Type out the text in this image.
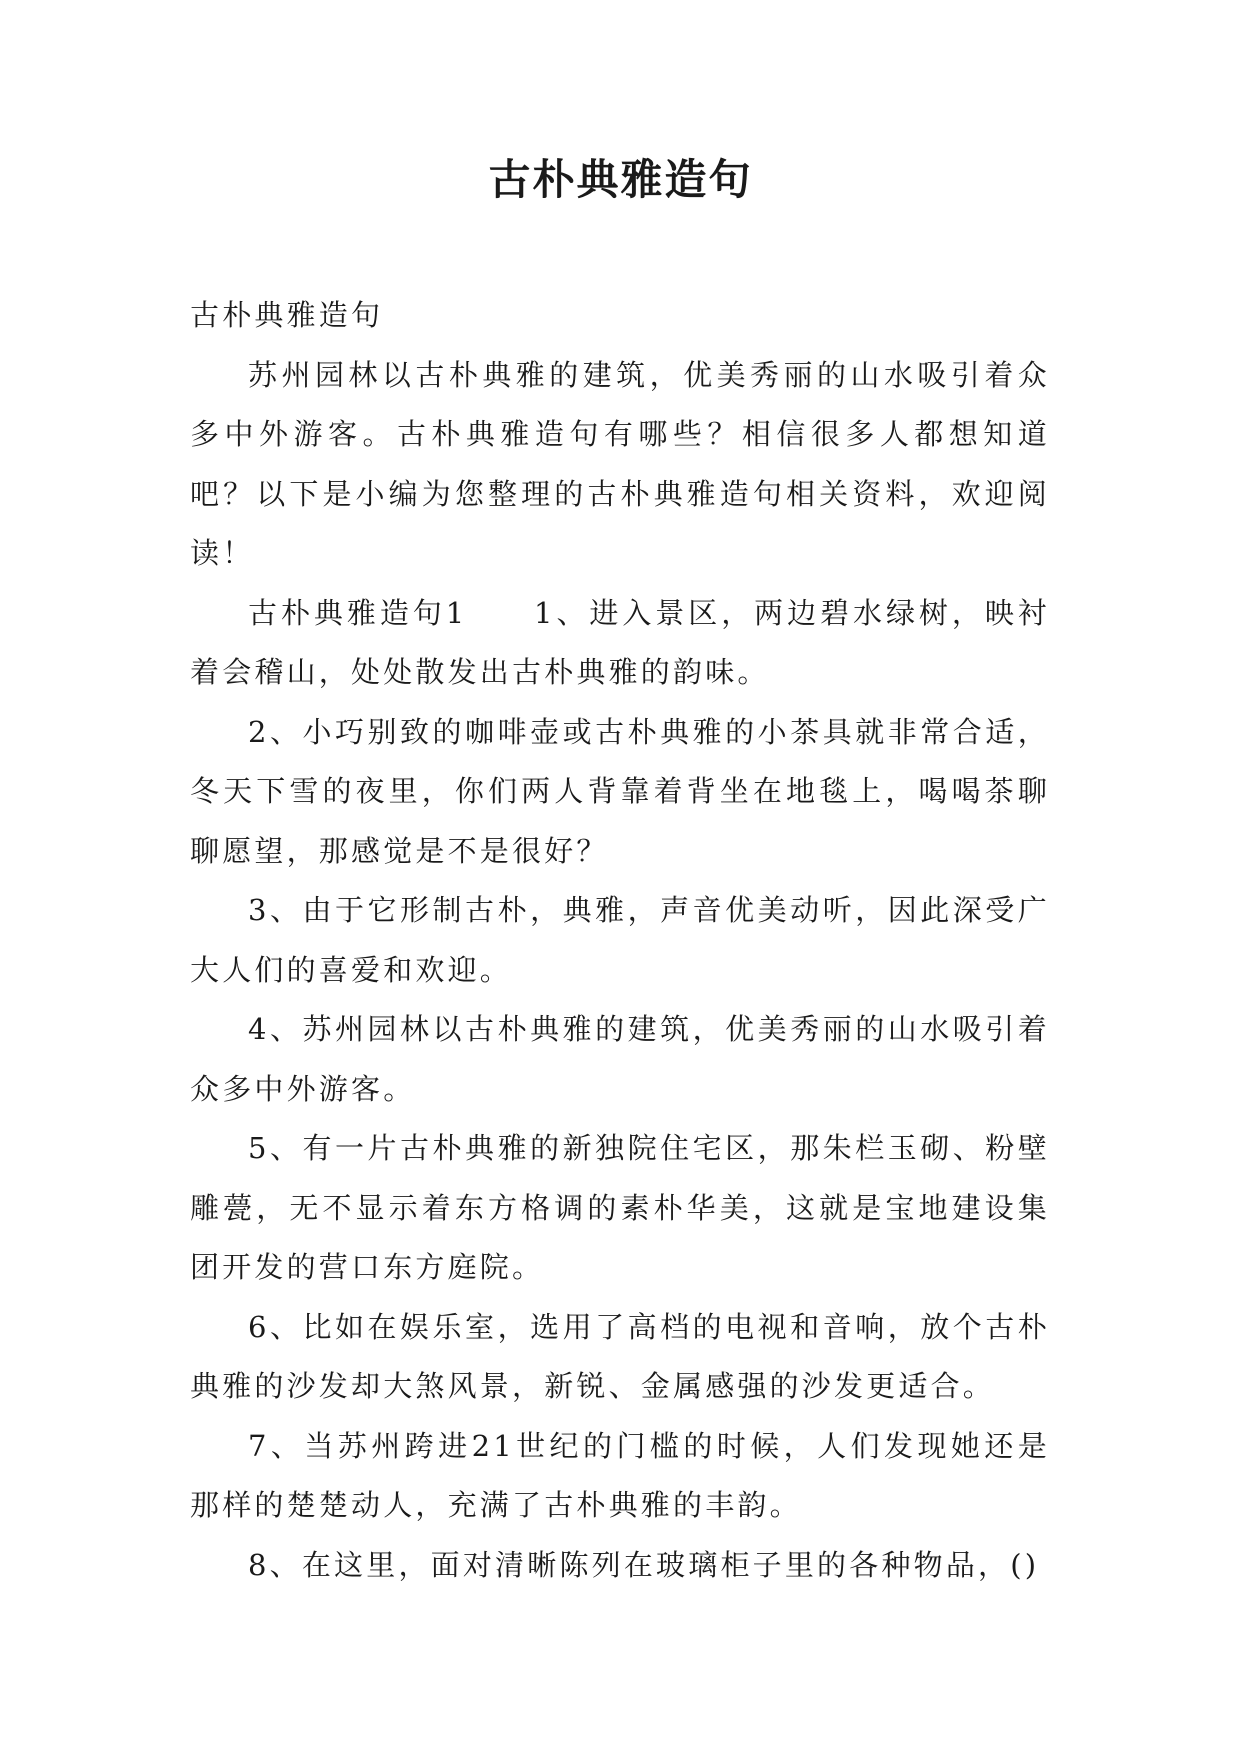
古朴典雅造句

古朴典雅造句

苏州园林以古朴典雅的建筑，优美秀丽的山水吸引着众多中外游客。古朴典雅造句有哪些？相信很多人都想知道吧？以下是小编为您整理的古朴典雅造句相关资料，欢迎阅读！

古朴典雅造句1　　1、进入景区，两边碧水绿树，映衬着会稽山，处处散发出古朴典雅的韵味。

2、小巧别致的咖啡壶或古朴典雅的小茶具就非常合适，冬天下雪的夜里，你们两人背靠着背坐在地毯上，喝喝茶聊聊愿望，那感觉是不是很好？

3、由于它形制古朴，典雅，声音优美动听，因此深受广大人们的喜爱和欢迎。

4、苏州园林以古朴典雅的建筑，优美秀丽的山水吸引着众多中外游客。

5、有一片古朴典雅的新独院住宅区，那朱栏玉砌、粉壁雕甍，无不显示着东方格调的素朴华美，这就是宝地建设集团开发的营口东方庭院。

6、比如在娱乐室，选用了高档的电视和音响，放个古朴典雅的沙发却大煞风景，新锐、金属感强的沙发更适合。

7、当苏州跨进21世纪的门槛的时候，人们发现她还是那样的楚楚动人，充满了古朴典雅的丰韵。

8、在这里，面对清晰陈列在玻璃柜子里的各种物品，()
